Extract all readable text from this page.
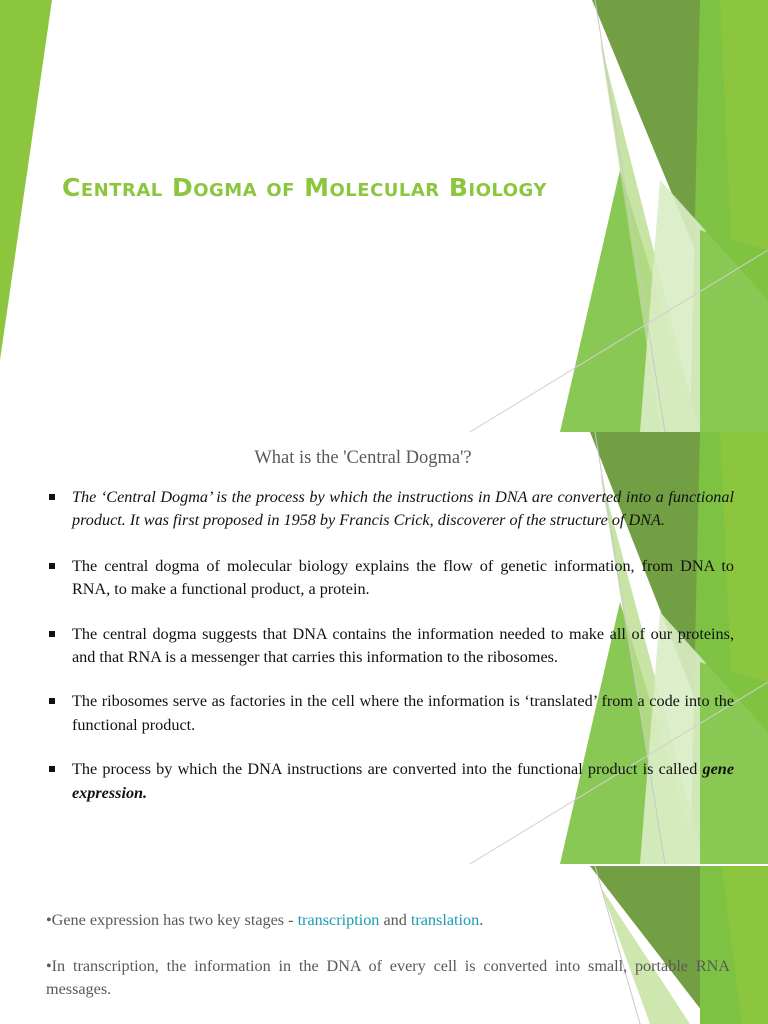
Central Dogma of Molecular Biology
What is the 'Central Dogma'?
The ‘Central Dogma’ is the process by which the instructions in DNA are converted into a functional product. It was first proposed in 1958 by Francis Crick, discoverer of the structure of DNA.
The central dogma of molecular biology explains the flow of genetic information, from DNA to RNA, to make a functional product, a protein.
The central dogma suggests that DNA contains the information needed to make all of our proteins, and that RNA is a messenger that carries this information to the ribosomes.
The ribosomes serve as factories in the cell where the information is ‘translated’ from a code into the functional product.
The process by which the DNA instructions are converted into the functional product is called gene expression.

•Gene expression has two key stages - transcription and translation.

•In transcription, the information in the DNA of every cell is converted into small, portable RNA messages.
